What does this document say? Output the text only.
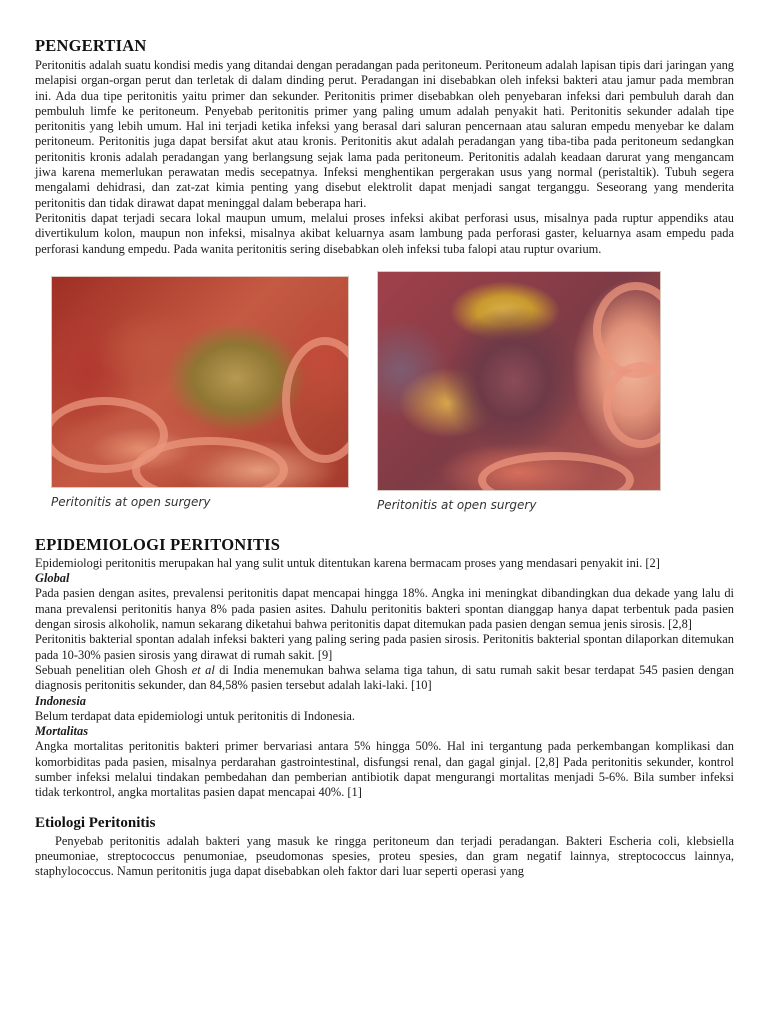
PENGERTIAN

Peritonitis adalah suatu kondisi medis yang ditandai dengan peradangan pada peritoneum. Peritoneum adalah lapisan tipis dari jaringan yang melapisi organ-organ perut dan terletak di dalam dinding perut. Peradangan ini disebabkan oleh infeksi bakteri atau jamur pada membran ini. Ada dua tipe peritonitis yaitu primer dan sekunder. Peritonitis primer disebabkan oleh penyebaran infeksi dari pembuluh darah dan pembuluh limfe ke peritoneum. Penyebab peritonitis primer yang paling umum adalah penyakit hati. Peritonitis sekunder adalah tipe peritonitis yang lebih umum. Hal ini terjadi ketika infeksi yang berasal dari saluran pencernaan atau saluran empedu menyebar ke dalam peritoneum. Peritonitis juga dapat bersifat akut atau kronis. Peritonitis akut adalah peradangan yang tiba-tiba pada peritoneum sedangkan peritonitis kronis adalah peradangan yang berlangsung sejak lama pada peritoneum. Peritonitis adalah keadaan darurat yang mengancam jiwa karena memerlukan perawatan medis secepatnya. Infeksi menghentikan pergerakan usus yang normal (peristaltik). Tubuh segera mengalami dehidrasi, dan zat-zat kimia penting yang disebut elektrolit dapat menjadi sangat terganggu. Seseorang yang menderita peritonitis dan tidak dirawat dapat meninggal dalam beberapa hari.

Peritonitis dapat terjadi secara lokal maupun umum, melalui proses infeksi akibat perforasi usus, misalnya pada ruptur appendiks atau divertikulum kolon, maupun non infeksi, misalnya akibat keluarnya asam lambung pada perforasi gaster, keluarnya asam empedu pada perforasi kandung empedu. Pada wanita peritonitis sering disebabkan oleh infeksi tuba falopi atau ruptur ovarium.

Peritonitis at open surgery	Peritonitis at open surgery
EPIDEMIOLOGI PERITONITIS

Epidemiologi peritonitis merupakan hal yang sulit untuk ditentukan karena bermacam proses yang mendasari penyakit ini. [2]

Global

Pada pasien dengan asites, prevalensi peritonitis dapat mencapai hingga 18%. Angka ini meningkat dibandingkan dua dekade yang lalu di mana prevalensi peritonitis hanya 8% pada pasien asites. Dahulu peritonitis bakteri spontan dianggap hanya dapat terbentuk pada pasien dengan sirosis alkoholik, namun sekarang diketahui bahwa peritonitis dapat ditemukan pada pasien dengan semua jenis sirosis. [2,8]

Peritonitis bakterial spontan adalah infeksi bakteri yang paling sering pada pasien sirosis. Peritonitis bakterial spontan dilaporkan ditemukan pada 10-30% pasien sirosis yang dirawat di rumah sakit. [9]

Sebuah penelitian oleh Ghosh et al di India menemukan bahwa selama tiga tahun, di satu rumah sakit besar terdapat 545 pasien dengan diagnosis peritonitis sekunder, dan 84,58% pasien tersebut adalah laki-laki. [10]

Indonesia

Belum terdapat data epidemiologi untuk peritonitis di Indonesia.

Mortalitas

Angka mortalitas peritonitis bakteri primer bervariasi antara 5% hingga 50%. Hal ini tergantung pada perkembangan komplikasi dan komorbiditas pada pasien, misalnya perdarahan gastrointestinal, disfungsi renal, dan gagal ginjal. [2,8] Pada peritonitis sekunder, kontrol sumber infeksi melalui tindakan pembedahan dan pemberian antibiotik dapat mengurangi mortalitas menjadi 5-6%. Bila sumber infeksi tidak terkontrol, angka mortalitas pasien dapat mencapai 40%. [1]

Etiologi Peritonitis

Penyebab peritonitis adalah bakteri yang masuk ke ringga peritoneum dan terjadi peradangan. Bakteri Escheria coli, klebsiella pneumoniae, streptococcus penumoniae, pseudomonas spesies, proteu spesies, dan gram negatif lainnya, streptococcus lainnya, staphylococcus. Namun peritonitis juga dapat disebabkan oleh faktor dari luar seperti operasi yang
